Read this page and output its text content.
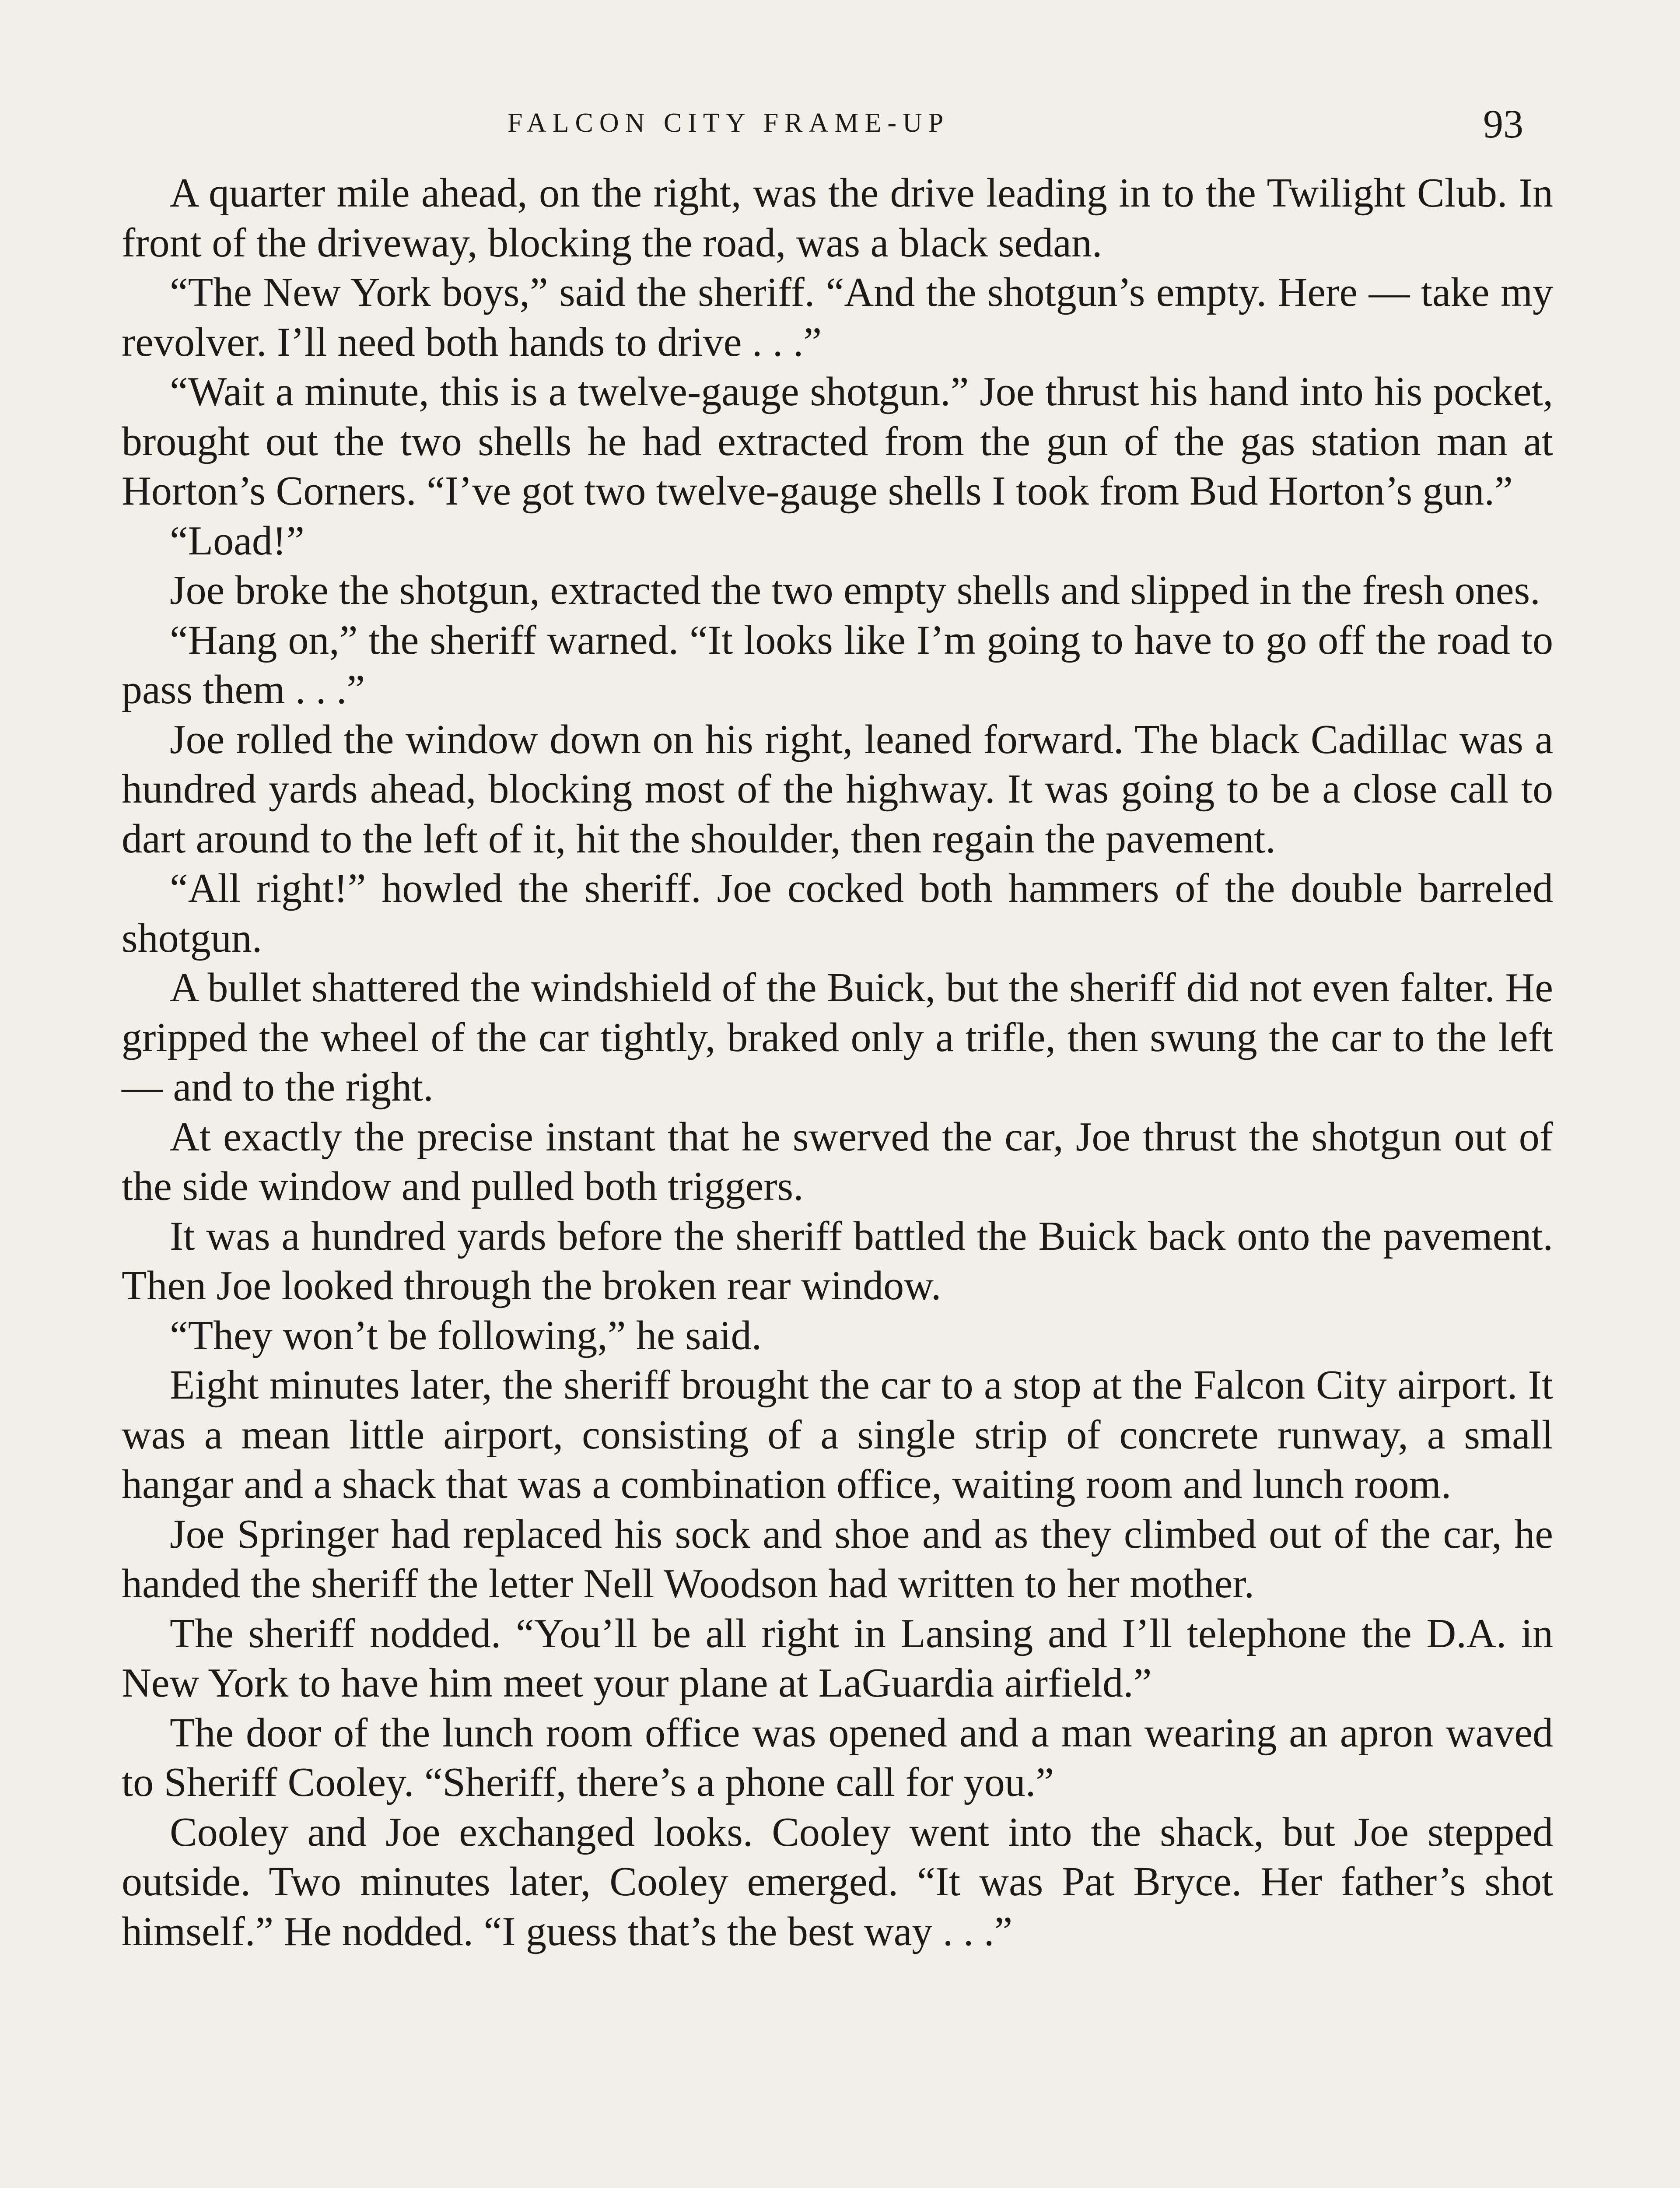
FALCON CITY FRAME-UP	93

A quarter mile ahead, on the right, was the drive leading in to the Twilight Club. In front of the driveway, blocking the road, was a black sedan.

“The New York boys,” said the sheriff. “And the shotgun’s empty. Here — take my revolver. I’ll need both hands to drive . . .”

“Wait a minute, this is a twelve-gauge shotgun.” Joe thrust his hand into his pocket, brought out the two shells he had extracted from the gun of the gas station man at Horton’s Corners. “I’ve got two twelve-gauge shells I took from Bud Horton’s gun.”

“Load!”

Joe broke the shotgun, extracted the two empty shells and slipped in the fresh ones.

“Hang on,” the sheriff warned. “It looks like I’m going to have to go off the road to pass them . . .”

Joe rolled the window down on his right, leaned forward. The black Cadillac was a hundred yards ahead, blocking most of the highway. It was going to be a close call to dart around to the left of it, hit the shoulder, then regain the pavement.

“All right!” howled the sheriff. Joe cocked both hammers of the double barreled shotgun.

A bullet shattered the windshield of the Buick, but the sheriff did not even falter. He gripped the wheel of the car tightly, braked only a trifle, then swung the car to the left — and to the right.

At exactly the precise instant that he swerved the car, Joe thrust the shotgun out of the side window and pulled both triggers.

It was a hundred yards before the sheriff battled the Buick back onto the pavement. Then Joe looked through the broken rear window.

“They won’t be following,” he said.

Eight minutes later, the sheriff brought the car to a stop at the Falcon City airport. It was a mean little airport, consisting of a single strip of concrete runway, a small hangar and a shack that was a combination office, waiting room and lunch room.

Joe Springer had replaced his sock and shoe and as they climbed out of the car, he handed the sheriff the letter Nell Woodson had written to her mother.

The sheriff nodded. “You’ll be all right in Lansing and I’ll telephone the D.A. in New York to have him meet your plane at LaGuardia airfield.”

The door of the lunch room office was opened and a man wearing an apron waved to Sheriff Cooley. “Sheriff, there’s a phone call for you.”

Cooley and Joe exchanged looks. Cooley went into the shack, but Joe stepped outside. Two minutes later, Cooley emerged. “It was Pat Bryce. Her father’s shot himself.” He nodded. “I guess that’s the best way . . .”
